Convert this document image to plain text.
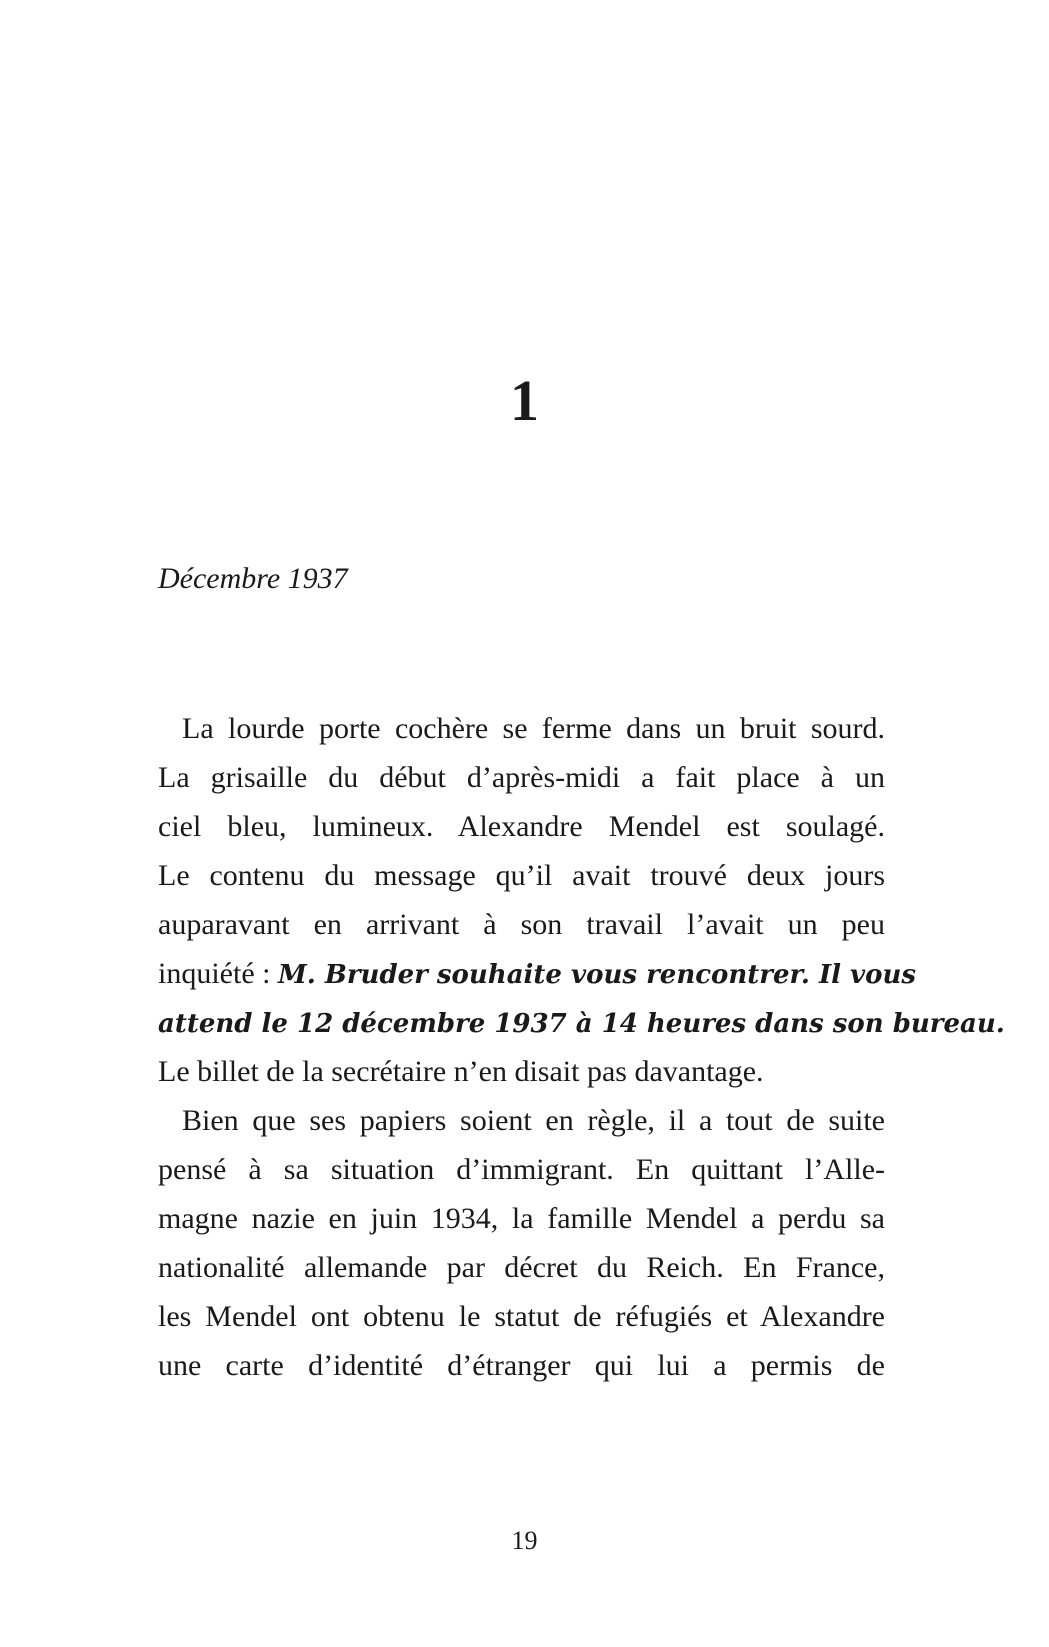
1
Décembre 1937
La lourde porte cochère se ferme dans un bruit sourd.
La grisaille du début d’après-midi a fait place à un
ciel bleu, lumineux. Alexandre Mendel est soulagé.
Le contenu du message qu’il avait trouvé deux jours
auparavant en arrivant à son travail l’avait un peu
inquiété : M. Bruder souhaite vous rencontrer. Il vous
attend le 12 décembre 1937 à 14 heures dans son bureau.
Le billet de la secrétaire n’en disait pas davantage.
Bien que ses papiers soient en règle, il a tout de suite
pensé à sa situation d’immigrant. En quittant l’Alle-
magne nazie en juin 1934, la famille Mendel a perdu sa
nationalité allemande par décret du Reich. En France,
les Mendel ont obtenu le statut de réfugiés et Alexandre
une carte d’identité d’étranger qui lui a permis de
19
